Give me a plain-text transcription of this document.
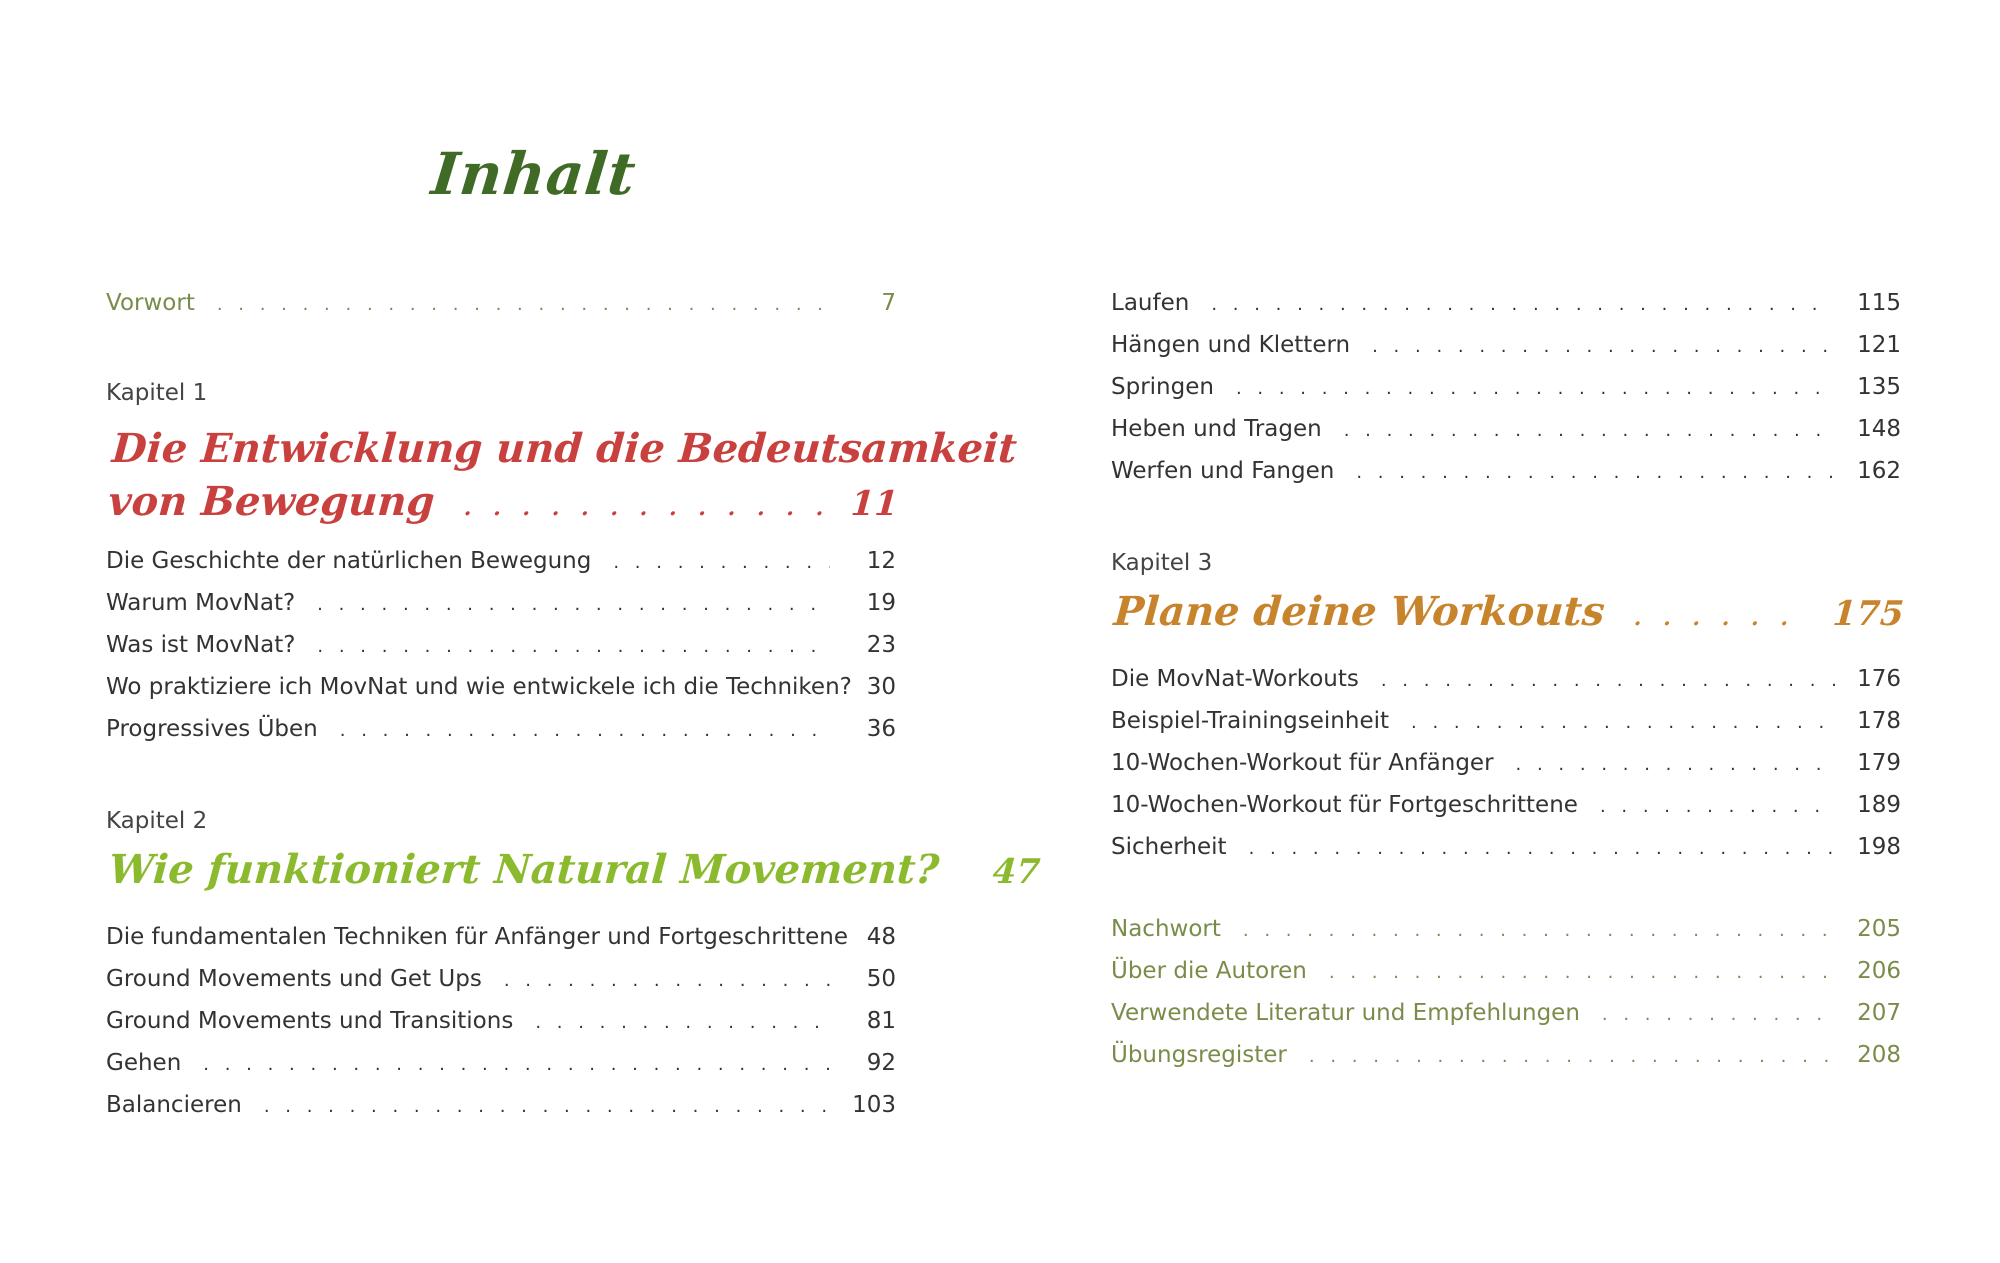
Inhalt
Vorwort . . .	7
Kapitel 1
Die Entwicklung und die Bedeutsamkeit
von Bewegung . . .	11
Die Geschichte der natürlichen Bewegung . . .	12
Warum MovNat? . . .	19
Was ist MovNat? . . .	23
Wo praktiziere ich MovNat und wie entwickele ich die Techniken? 30
Progressives Üben . . .	36
Kapitel 2
Wie funktioniert Natural Movement? . . . 47
Die fundamentalen Techniken für Anfänger und Fortgeschrittene 48
Ground Movements und Get Ups . . .	50
Ground Movements und Transitions . . .	81
Gehen . . .	92
Balancieren . . .	103
Laufen . . .	115
Hängen und Klettern . . .	121
Springen . . .	135
Heben und Tragen . . .	148
Werfen und Fangen . . .	162
Kapitel 3
Plane deine Workouts . . .	175
Die MovNat-Workouts . . .	176
Beispiel-Trainingseinheit . . .	178
10-Wochen-Workout für Anfänger . . .	179
10-Wochen-Workout für Fortgeschrittene . . .	189
Sicherheit . . .	198
Nachwort . . .	205
Über die Autoren . . .	206
Verwendete Literatur und Empfehlungen . . .	207
Übungsregister . . .	208
